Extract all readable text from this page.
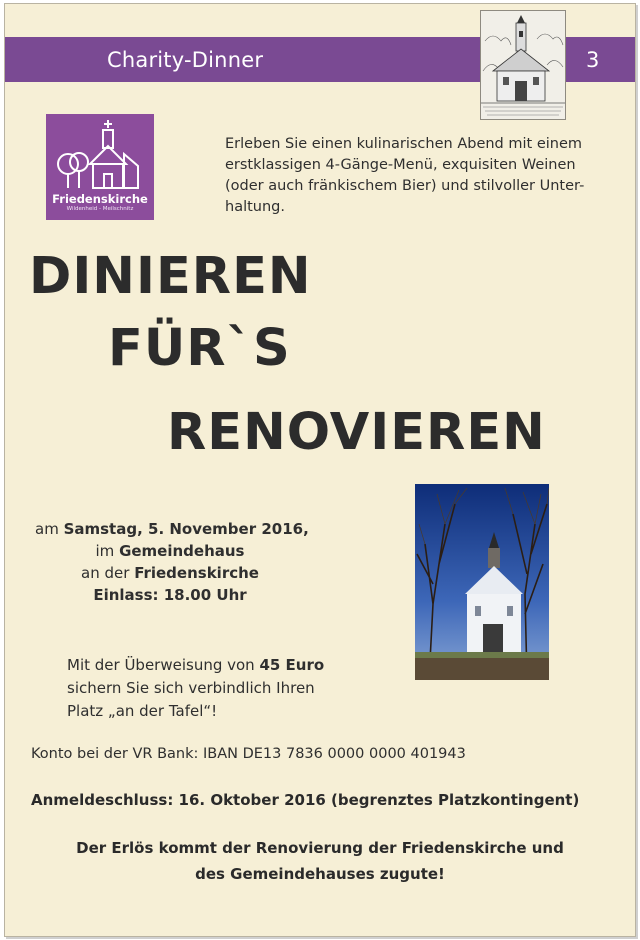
Charity-Dinner	3
Friedenskirche
Wildenheid - Meilschnitz

Erleben Sie einen kulinarischen Abend mit einem
erstklassigen 4-Gänge-Menü, exquisiten Weinen
(oder auch fränkischem Bier) und stilvoller Unter-
haltung.

DINIEREN
FÜR`S
RENOVIEREN
am Samstag, 5. November 2016,
im Gemeindehaus
an der Friedenskirche
Einlass: 18.00 Uhr
Mit der Überweisung von 45 Euro
sichern Sie sich verbindlich Ihren
Platz „an der Tafel“!
Konto bei der VR Bank: IBAN DE13 7836 0000 0000 401943
Anmeldeschluss: 16. Oktober 2016 (begrenztes Platzkontingent)
Der Erlös kommt der Renovierung der Friedenskirche und
des Gemeindehauses zugute!
